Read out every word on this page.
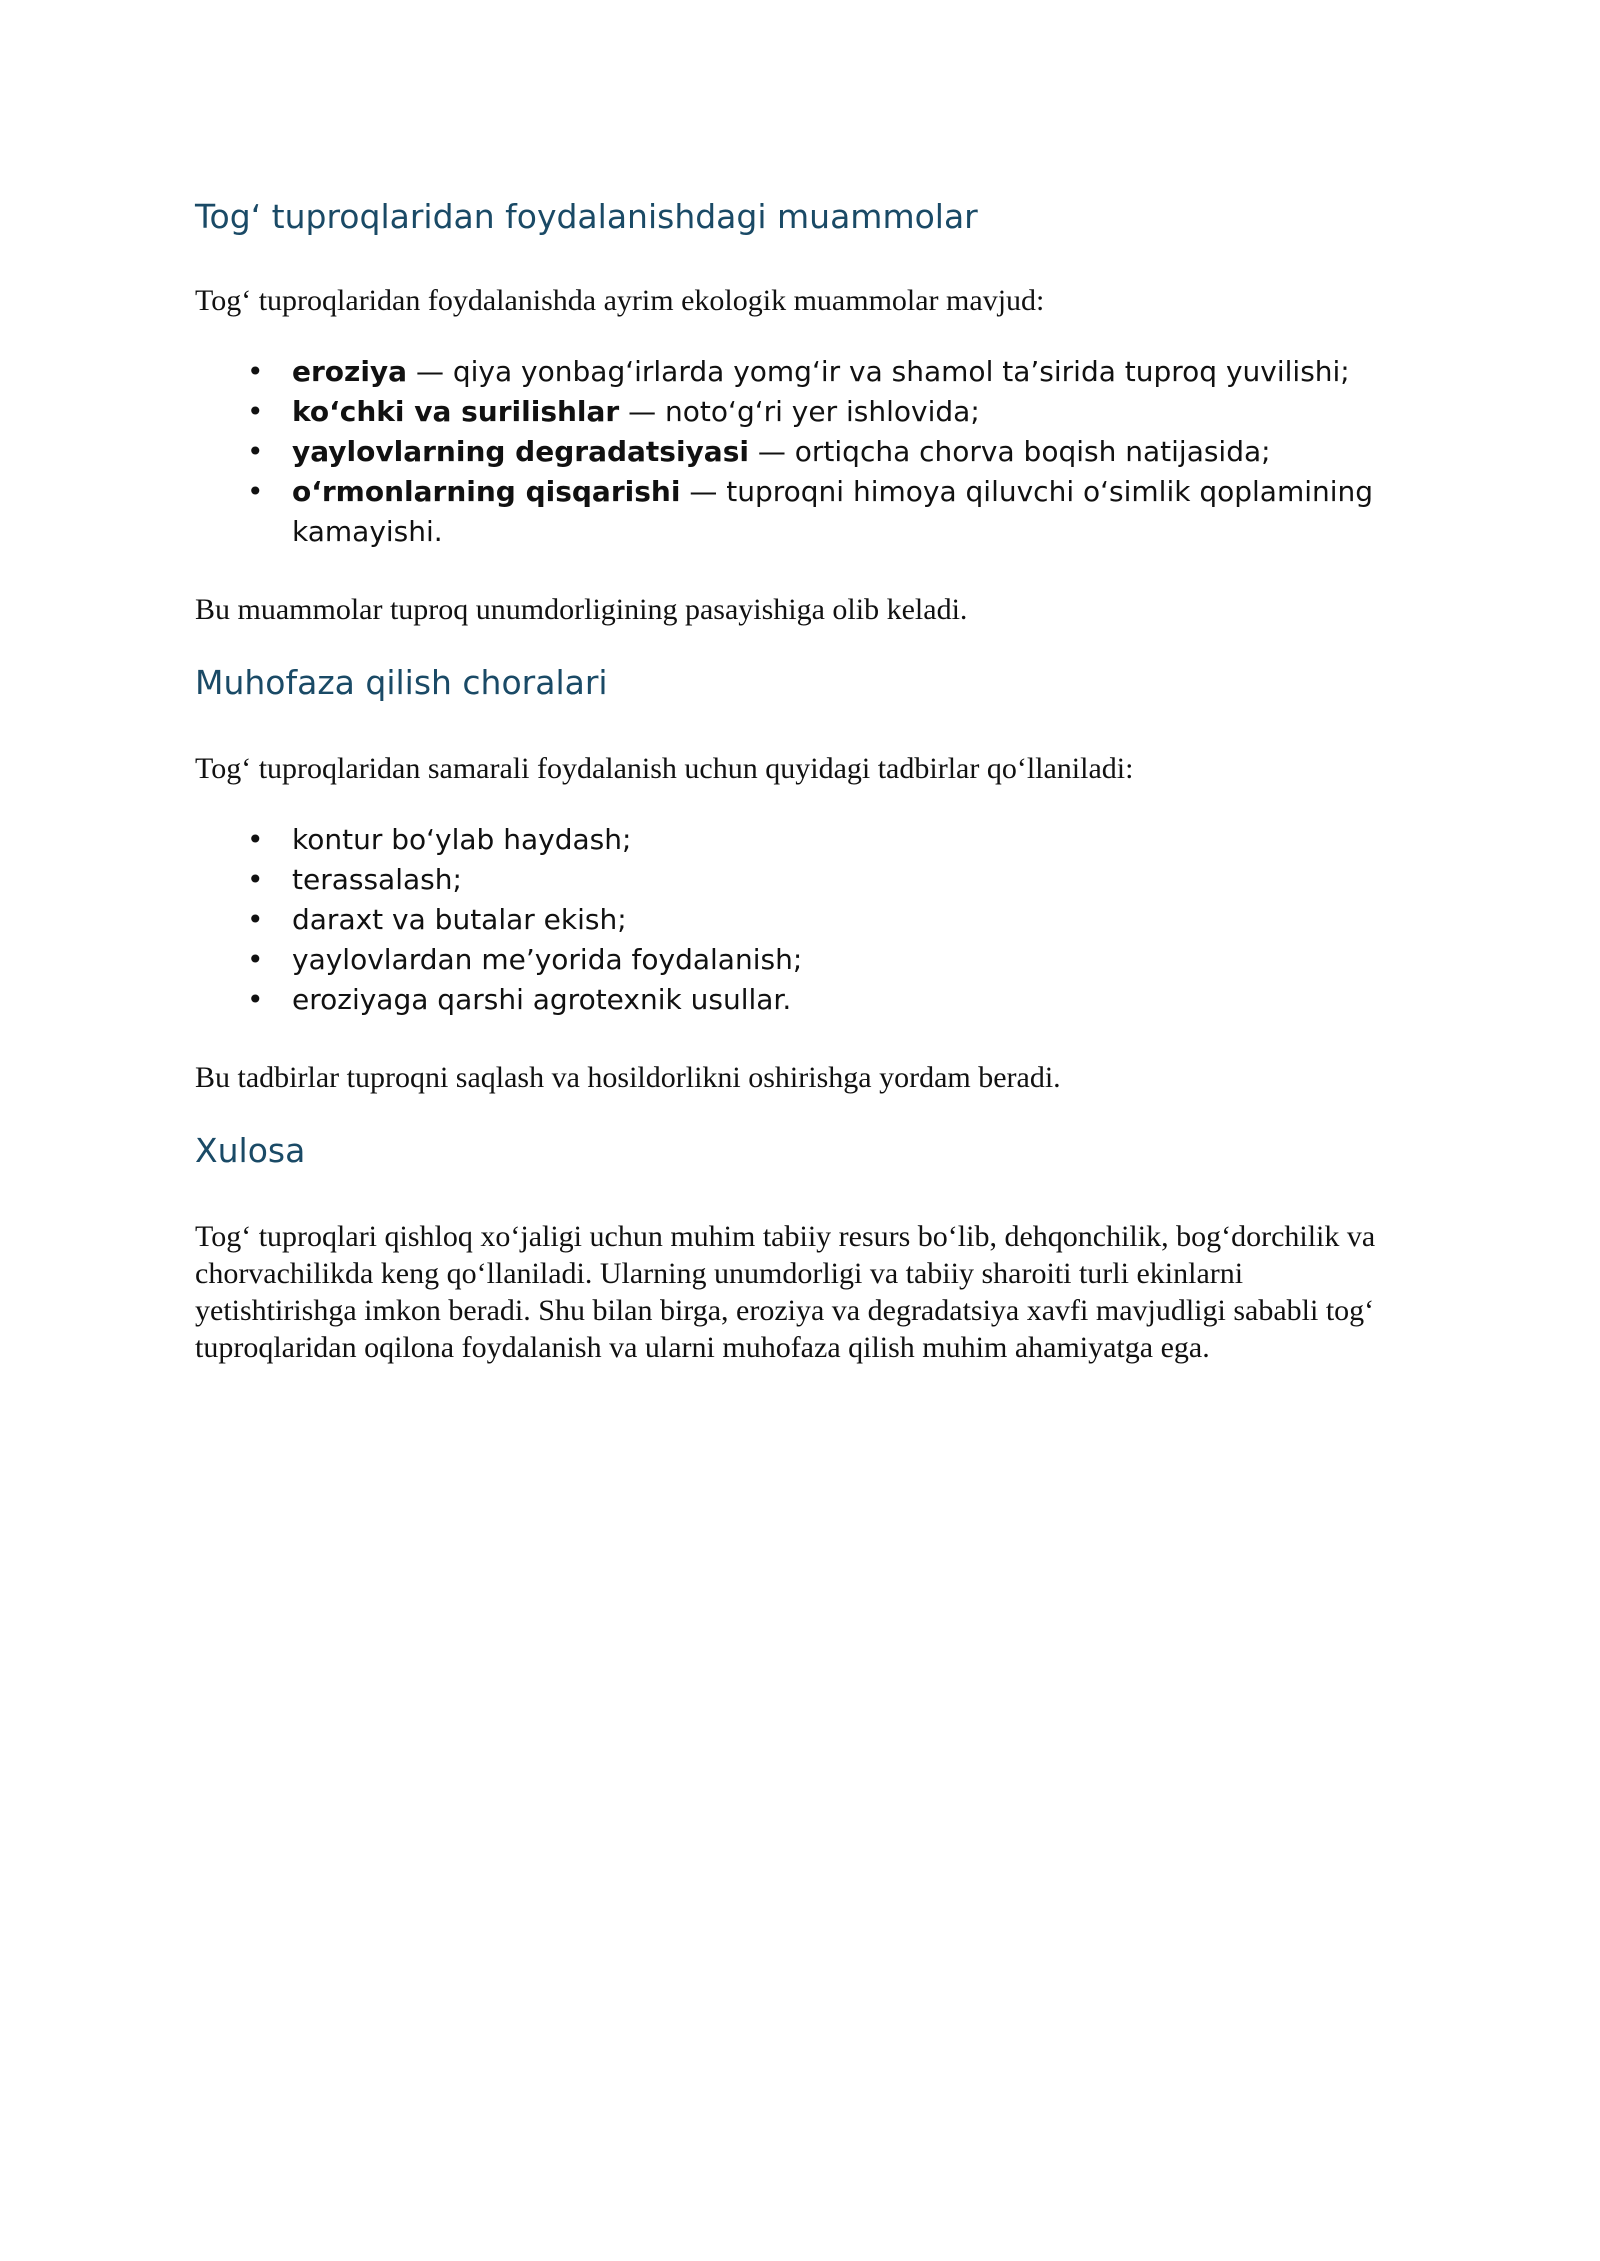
Tog‘ tuproqlaridan foydalanishdagi muammolar

Tog‘ tuproqlaridan foydalanishda ayrim ekologik muammolar mavjud:

• eroziya — qiya yonbag‘irlarda yomg‘ir va shamol ta’sirida tuproq yuvilishi;
• ko‘chki va surilishlar — noto‘g‘ri yer ishlovida;
• yaylovlarning degradatsiyasi — ortiqcha chorva boqish natijasida;
• o‘rmonlarning qisqarishi — tuproqni himoya qiluvchi o‘simlik qoplamining kamayishi.

Bu muammolar tuproq unumdorligining pasayishiga olib keladi.

Muhofaza qilish choralari

Tog‘ tuproqlaridan samarali foydalanish uchun quyidagi tadbirlar qo‘llaniladi:

• kontur bo‘ylab haydash;
• terassalash;
• daraxt va butalar ekish;
• yaylovlardan me’yorida foydalanish;
• eroziyaga qarshi agrotexnik usullar.

Bu tadbirlar tuproqni saqlash va hosildorlikni oshirishga yordam beradi.

Xulosa

Tog‘ tuproqlari qishloq xo‘jaligi uchun muhim tabiiy resurs bo‘lib, dehqonchilik, bog‘dorchilik va chorvachilikda keng qo‘llaniladi. Ularning unumdorligi va tabiiy sharoiti turli ekinlarni yetishtirishga imkon beradi. Shu bilan birga, eroziya va degradatsiya xavfi mavjudligi sababli tog‘ tuproqlaridan oqilona foydalanish va ularni muhofaza qilish muhim ahamiyatga ega.
